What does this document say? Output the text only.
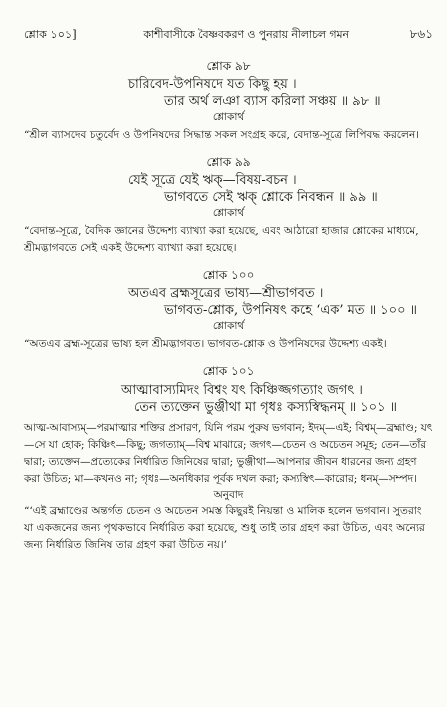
শ্লোক ১০১]	কাশীবাসীকে বৈষ্ণবকরণ ও পুনরায় নীলাচল গমন	৮৬১
শ্লোক ৯৮
চারিবেদ-উপনিষদে যত কিছু হয় ।
তার অর্থ লঞা ব্যাস করিলা সঞ্চয় ॥ ৯৮ ॥
শ্লোকার্থ
“শ্রীল ব্যাসদেব চতুর্বেদ ও উপনিষদের সিদ্ধান্ত সকল সংগ্রহ করে, বেদান্ত-সূত্রে লিপিবদ্ধ করলেন।
শ্লোক ৯৯
যেই সূত্রে যেই ঋক্‌—বিষয়-বচন ।
ভাগবতে সেই ঋক্‌ শ্লোকে নিবন্ধন ॥ ৯৯ ॥
শ্লোকার্থ
“বেদান্ত-সূত্রে, বৈদিক জ্ঞানের উদ্দেশ্য ব্যাখ্যা করা হয়েছে, এবং আঠারো হাজার শ্লোকের মাধ্যমে, শ্রীমদ্ভাগবতে সেই একই উদ্দেশ্য ব্যাখ্যা করা হয়েছে।
শ্লোক ১০০
অতএব ব্রহ্মসূত্রের ভাষ্য—শ্রীভাগবত ।
ভাগবত-শ্লোক, উপনিষৎ কহে ‘এক’ মত ॥ ১০০ ॥
শ্লোকার্থ
“অতএব ব্রহ্ম-সূত্রের ভাষ্য হল শ্রীমদ্ভাগবত। ভাগবত-শ্লোক ও উপনিষদের উদ্দেশ্য একই।
শ্লোক ১০১
আত্মাবাস্যমিদং বিশ্বং যৎ কিঞ্চিজ্জগত্যাং জগৎ ।
তেন ত্যক্তেন ভুঞ্জীথা মা গৃধঃ কস্যস্বিদ্ধনম্ ॥ ১০১ ॥
আত্ম-আবাস্যম্—পরমাত্মার শক্তির প্রসারণ, যিনি পরম পুরুষ ভগবান; ইদম্—এই; বিশ্বম্—ব্রহ্মাণ্ড; যৎ—সে যা হোক; কিঞ্চিৎ—কিছু; জগত্যাম্—বিশ্ব মাঝারে; জগৎ—চেতন ও অচেতন সমূহ; তেন—তাঁর দ্বারা; ত্যক্তেন—প্রত্যেকের নির্ধারিত জিনিষের দ্বারা; ভুঞ্জীথা—আপনার জীবন ধারনের জন্য গ্রহণ করা উচিত; মা—কখনও না; গৃধঃ—অনধিকার পূর্বক দখল করা; কস্যস্বিৎ—কারোর; ধনম্—সম্পদ।
অনুবাদ
“‘এই ব্রহ্মাণ্ডের অন্তর্গত চেতন ও অচেতন সমস্ত কিছুরই নিয়ন্তা ও মালিক হলেন ভগবান। সুতরাং যা একজনের জন্য পৃথকভাবে নির্ধারিত করা হয়েছে, শুধু তাই তার গ্রহণ করা উচিত, এবং অন্যের জন্য নির্ধারিত জিনিষ তার গ্রহণ করা উচিত নয়।’
